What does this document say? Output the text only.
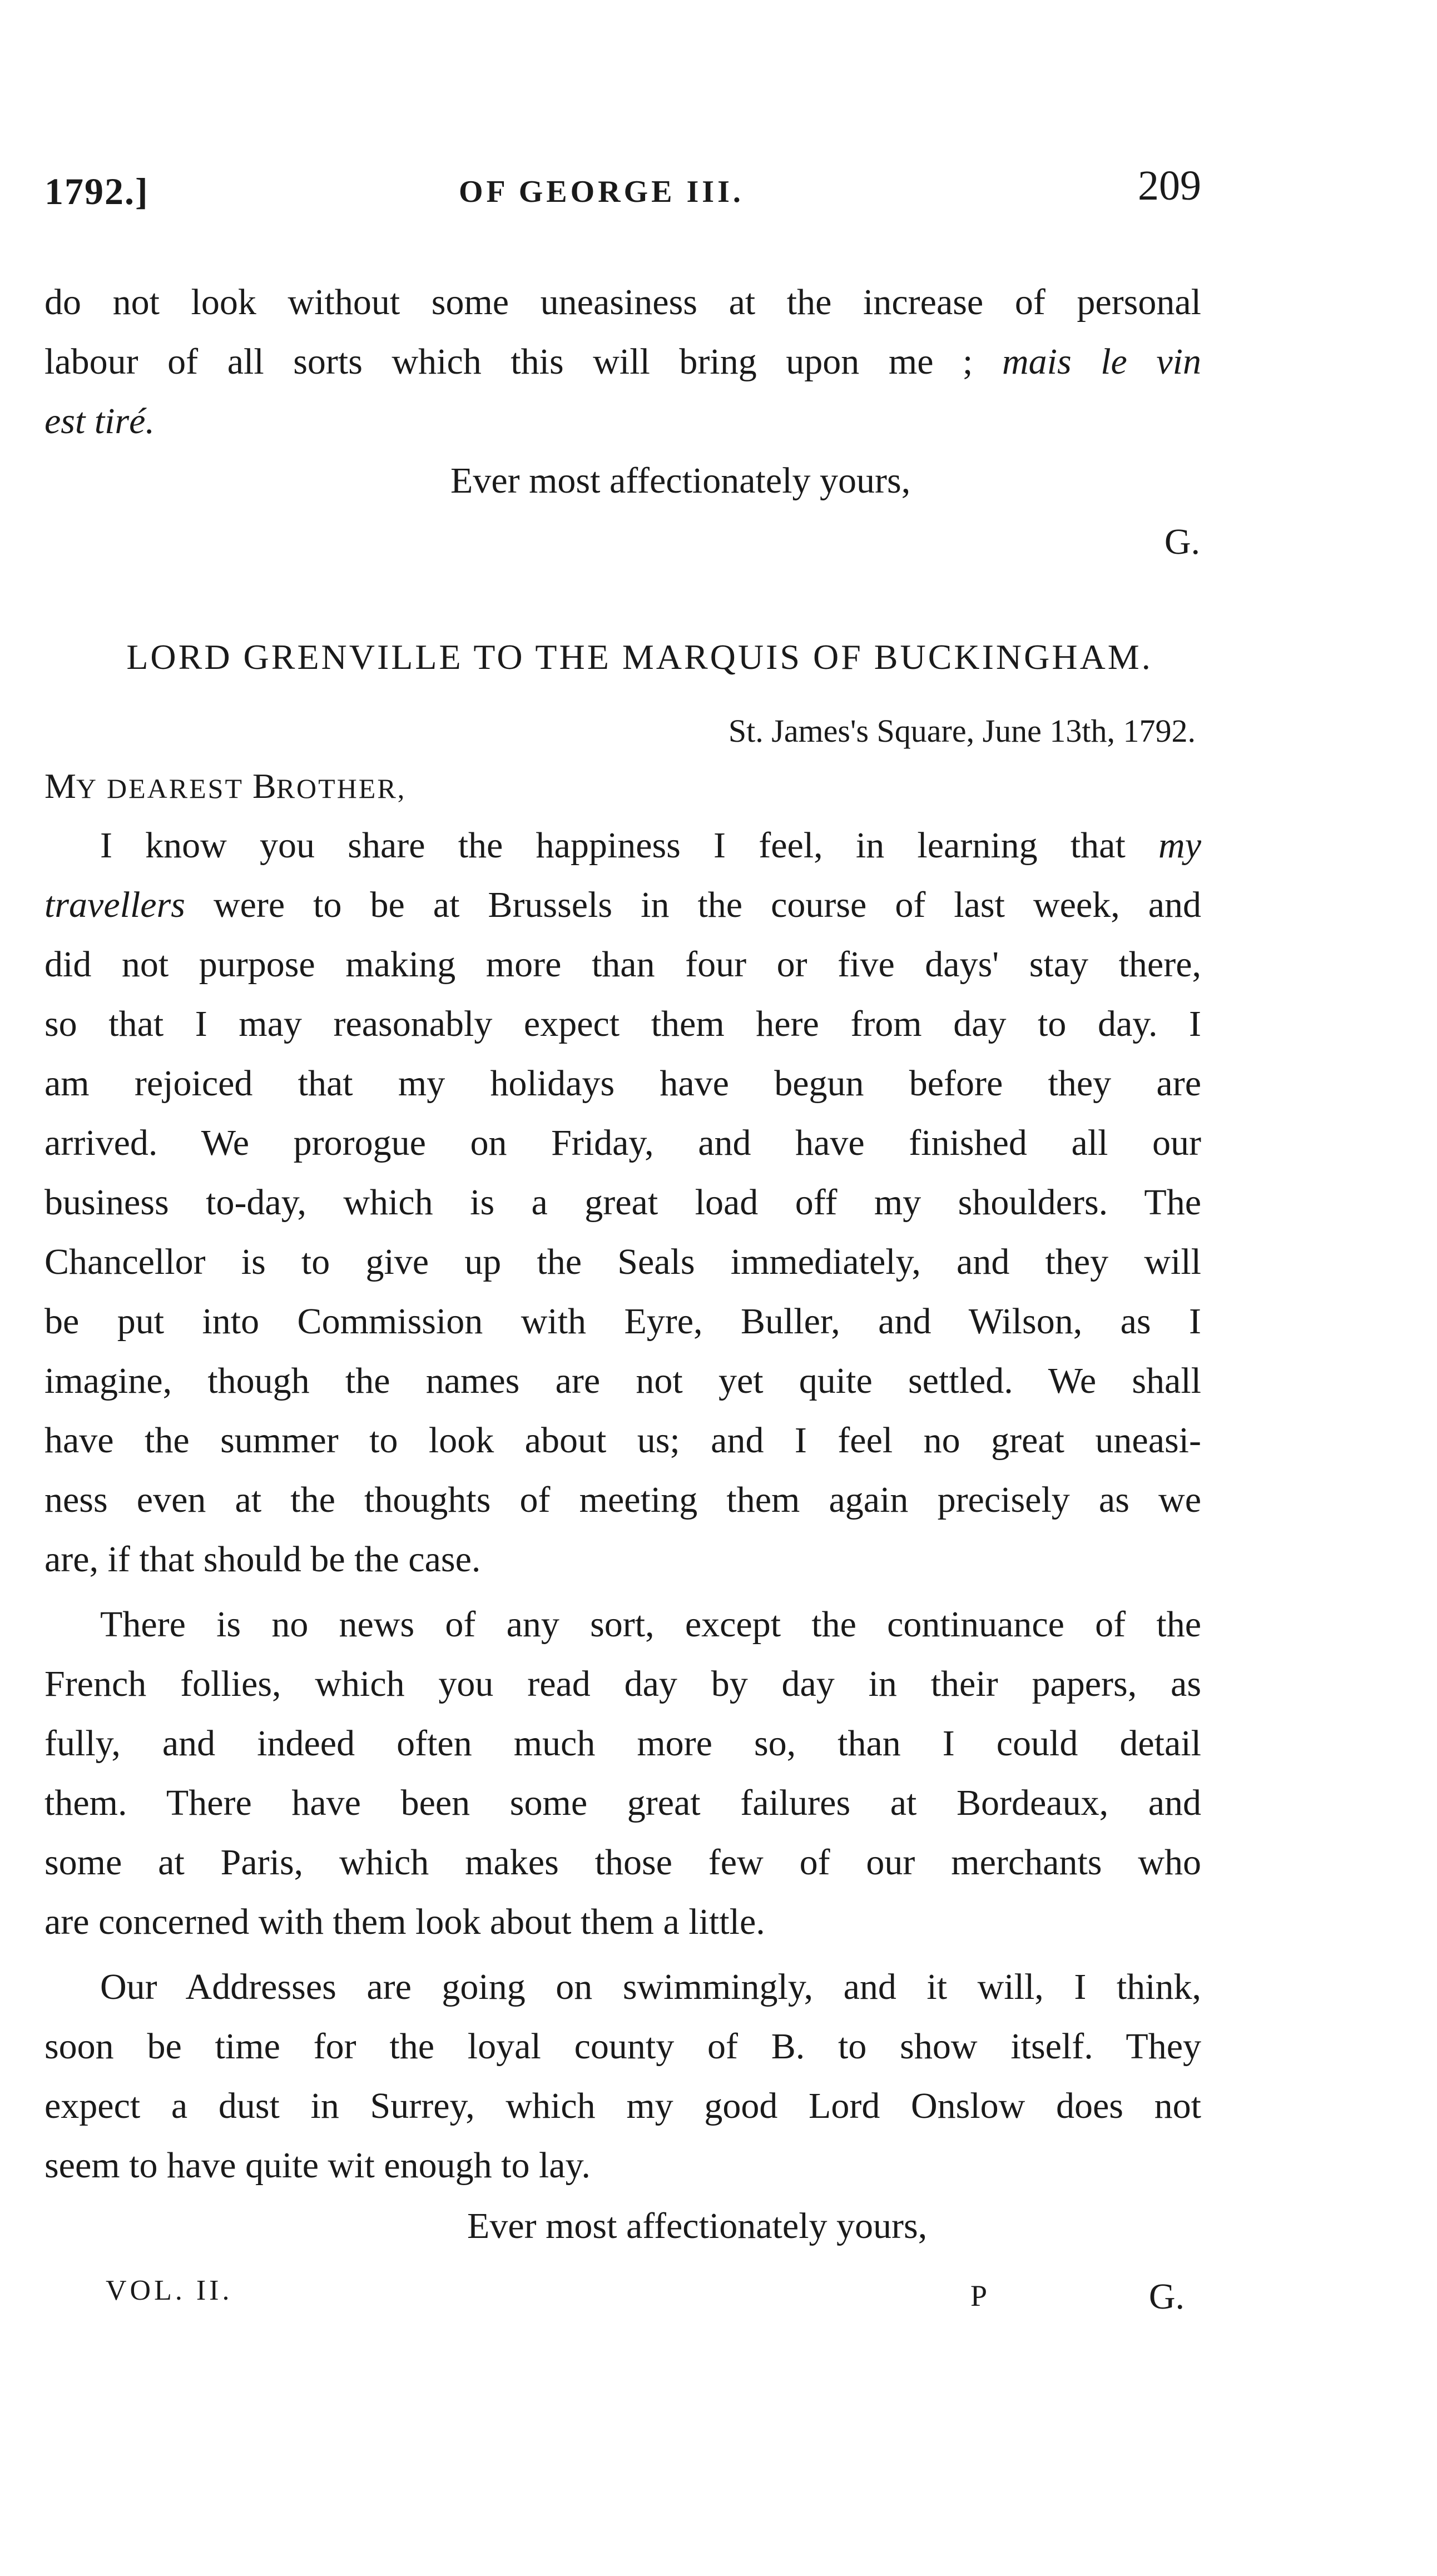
1792.]	OF GEORGE III.	209

do not look without some uneasiness at the increase of personal

labour of all sorts which this will bring upon me ; mais le vin

est tiré.

Ever most affectionately yours,

G.

LORD GRENVILLE TO THE MARQUIS OF BUCKINGHAM.

St. James's Square, June 13th, 1792.

MY DEAREST BROTHER,

I know you share the happiness I feel, in learning that my

travellers were to be at Brussels in the course of last week, and

did not purpose making more than four or five days' stay there,

so that I may reasonably expect them here from day to day. I

am rejoiced that my holidays have begun before they are

arrived. We prorogue on Friday, and have finished all our

business to-day, which is a great load off my shoulders. The

Chancellor is to give up the Seals immediately, and they will

be put into Commission with Eyre, Buller, and Wilson, as I

imagine, though the names are not yet quite settled. We shall

have the summer to look about us; and I feel no great uneasi-

ness even at the thoughts of meeting them again precisely as we

are, if that should be the case.

There is no news of any sort, except the continuance of the

French follies, which you read day by day in their papers, as

fully, and indeed often much more so, than I could detail

them. There have been some great failures at Bordeaux, and

some at Paris, which makes those few of our merchants who

are concerned with them look about them a little.

Our Addresses are going on swimmingly, and it will, I think,

soon be time for the loyal county of B. to show itself. They

expect a dust in Surrey, which my good Lord Onslow does not

seem to have quite wit enough to lay.

Ever most affectionately yours,

G.

VOL. II.	P
